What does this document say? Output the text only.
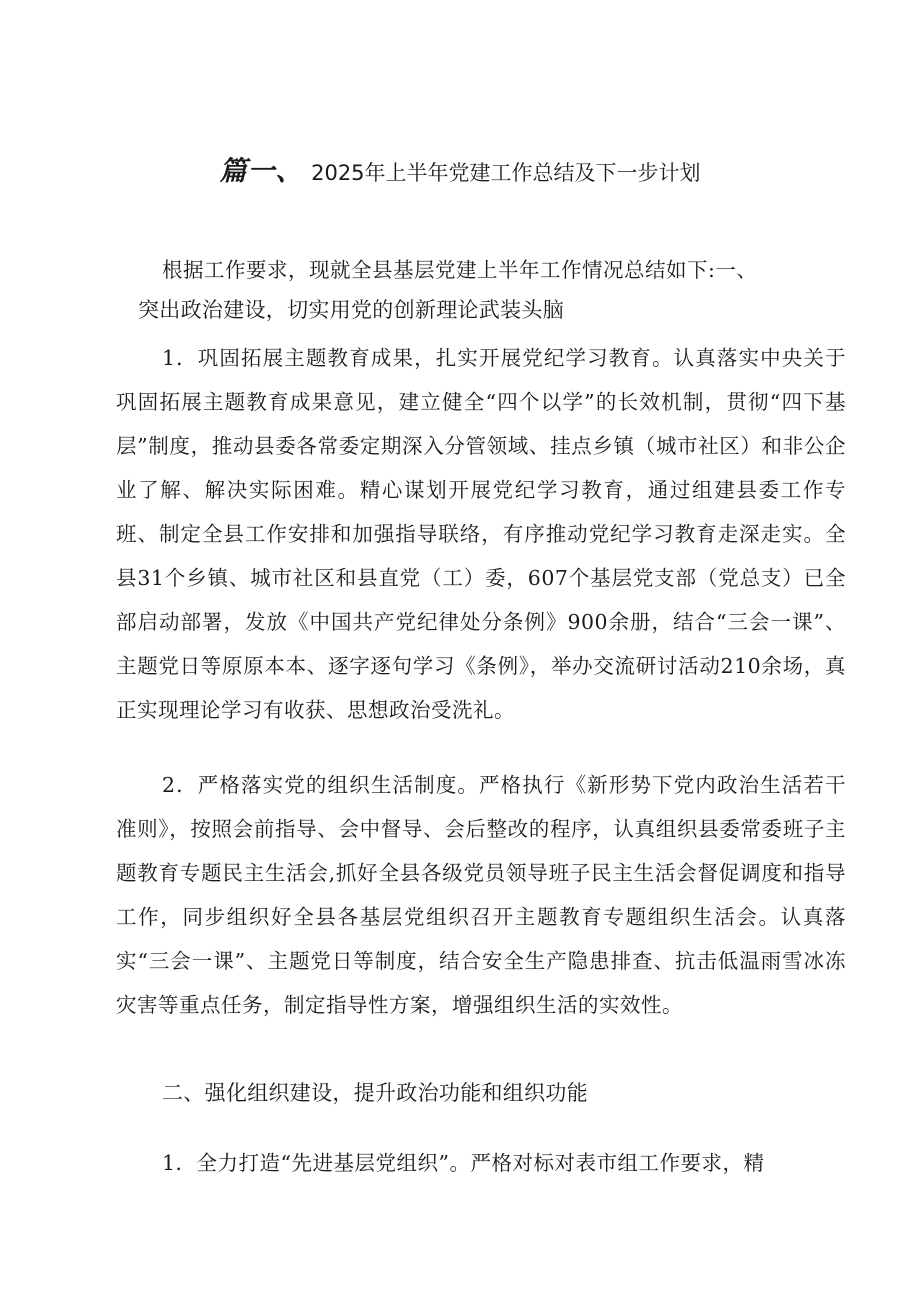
篇一、 2025年上半年党建工作总结及下一步计划
根据工作要求，现就全县基层党建上半年工作情况总结如下:一、
突出政治建设，切实用党的创新理论武装头脑
1．巩固拓展主题教育成果，扎实开展党纪学习教育。认真落实中央关于巩固拓展主题教育成果意见，建立健全“四个以学”的长效机制，贯彻“四下基层”制度，推动县委各常委定期深入分管领域、挂点乡镇（城市社区）和非公企业了解、解决实际困难。精心谋划开展党纪学习教育，通过组建县委工作专班、制定全县工作安排和加强指导联络，有序推动党纪学习教育走深走实。全县31个乡镇、城市社区和县直党（工）委，607个基层党支部（党总支）已全部启动部署，发放《中国共产党纪律处分条例》900余册，结合“三会一课”、主题党日等原原本本、逐字逐句学习《条例》，举办交流研讨活动210余场，真正实现理论学习有收获、思想政治受洗礼。
2．严格落实党的组织生活制度。严格执行《新形势下党内政治生活若干准则》，按照会前指导、会中督导、会后整改的程序，认真组织县委常委班子主题教育专题民主生活会,抓好全县各级党员领导班子民主生活会督促调度和指导工作，同步组织好全县各基层党组织召开主题教育专题组织生活会。认真落实“三会一课”、主题党日等制度，结合安全生产隐患排查、抗击低温雨雪冰冻灾害等重点任务，制定指导性方案，增强组织生活的实效性。
二、强化组织建设，提升政治功能和组织功能
1．全力打造“先进基层党组织”。严格对标对表市组工作要求，精
